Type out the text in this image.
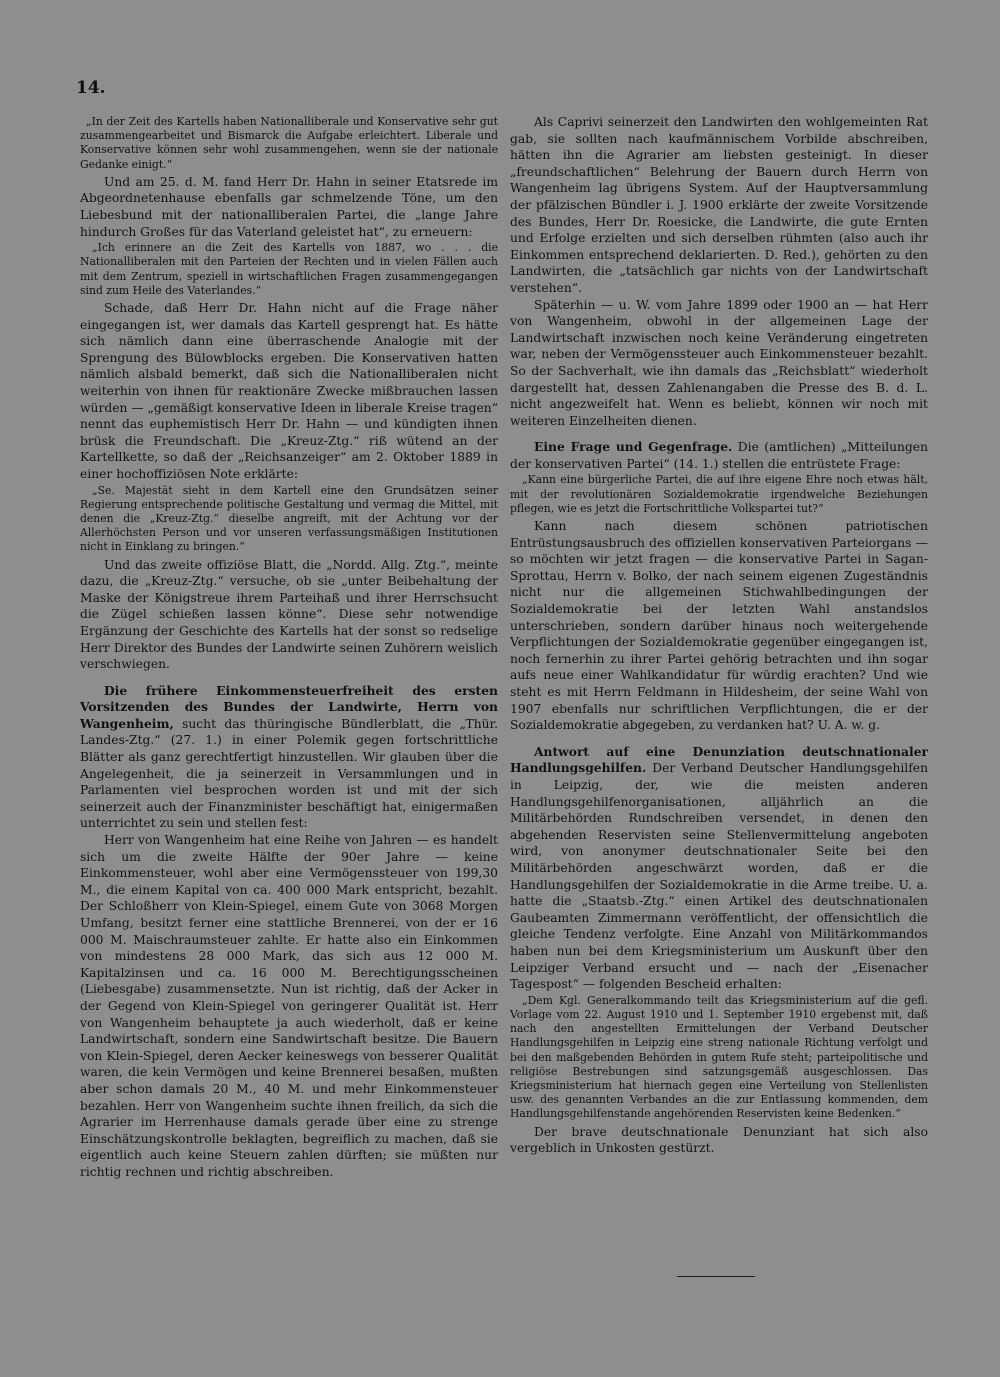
14.

„In der Zeit des Kartells haben Nationalliberale und Konservative sehr gut zusammengearbeitet und Bismarck die Aufgabe erleichtert. Liberale und Konservative können sehr wohl zusammengehen, wenn sie der nationale Gedanke einigt.“

Und am 25. d. M. fand Herr Dr. Hahn in seiner Etatsrede im Abgeordnetenhause ebenfalls gar schmelzende Töne, um den Liebesbund mit der nationalliberalen Partei, die „lange Jahre hindurch Großes für das Vaterland geleistet hat“, zu erneuern:

„Ich erinnere an die Zeit des Kartells von 1887, wo . . . die Nationalliberalen mit den Parteien der Rechten und in vielen Fällen auch mit dem Zentrum, speziell in wirtschaftlichen Fragen zusammengegangen sind zum Heile des Vaterlandes.“

Schade, daß Herr Dr. Hahn nicht auf die Frage näher eingegangen ist, wer damals das Kartell gesprengt hat. Es hätte sich nämlich dann eine überraschende Analogie mit der Sprengung des Bülowblocks ergeben. Die Konservativen hatten nämlich alsbald bemerkt, daß sich die Nationalliberalen nicht weiterhin von ihnen für reaktionäre Zwecke mißbrauchen lassen würden — „gemäßigt konservative Ideen in liberale Kreise tragen“ nennt das euphemistisch Herr Dr. Hahn — und kündigten ihnen brüsk die Freundschaft. Die „Kreuz-Ztg.“ riß wütend an der Kartellkette, so daß der „Reichsanzeiger“ am 2. Oktober 1889 in einer hochoffiziösen Note erklärte:

„Se. Majestät sieht in dem Kartell eine den Grundsätzen seiner Regierung entsprechende politische Gestaltung und vermag die Mittel, mit denen die „Kreuz-Ztg.“ dieselbe angreift, mit der Achtung vor der Allerhöchsten Person und vor unseren verfassungsmäßigen Institutionen nicht in Einklang zu bringen.“

Und das zweite offiziöse Blatt, die „Nordd. Allg. Ztg.“, meinte dazu, die „Kreuz-Ztg.“ versuche, ob sie „unter Beibehaltung der Maske der Königstreue ihrem Parteihaß und ihrer Herrschsucht die Zügel schießen lassen könne“. Diese sehr notwendige Ergänzung der Geschichte des Kartells hat der sonst so redselige Herr Direktor des Bundes der Landwirte seinen Zuhörern weislich verschwiegen.

Die frühere Einkommensteuerfreiheit des ersten Vorsitzenden des Bundes der Landwirte, Herrn von Wangenheim, sucht das thüringische Bündlerblatt, die „Thür. Landes-Ztg.“ (27. 1.) in einer Polemik gegen fortschrittliche Blätter als ganz gerechtfertigt hinzustellen. Wir glauben über die Angelegenheit, die ja seinerzeit in Versammlungen und in Parlamenten viel besprochen worden ist und mit der sich seinerzeit auch der Finanzminister beschäftigt hat, einigermaßen unterrichtet zu sein und stellen fest:

Herr von Wangenheim hat eine Reihe von Jahren — es handelt sich um die zweite Hälfte der 90er Jahre — keine Einkommensteuer, wohl aber eine Vermögenssteuer von 199,30 M., die einem Kapital von ca. 400 000 Mark entspricht, bezahlt. Der Schloßherr von Klein-Spiegel, einem Gute von 3068 Morgen Umfang, besitzt ferner eine stattliche Brennerei, von der er 16 000 M. Maischraumsteuer zahlte. Er hatte also ein Einkommen von mindestens 28 000 Mark, das sich aus 12 000 M. Kapitalzinsen und ca. 16 000 M. Berechtigungsscheinen (Liebesgabe) zusammensetzte. Nun ist richtig, daß der Acker in der Gegend von Klein-Spiegel von geringerer Qualität ist. Herr von Wangenheim behauptete ja auch wiederholt, daß er keine Landwirtschaft, sondern eine Sandwirtschaft besitze. Die Bauern von Klein-Spiegel, deren Aecker keineswegs von besserer Qualität waren, die kein Vermögen und keine Brennerei besaßen, mußten aber schon damals 20 M., 40 M. und mehr Einkommensteuer bezahlen. Herr von Wangenheim suchte ihnen freilich, da sich die Agrarier im Herrenhause damals gerade über eine zu strenge Einschätzungskontrolle beklagten, begreiflich zu machen, daß sie eigentlich auch keine Steuern zahlen dürften; sie müßten nur richtig rechnen und richtig abschreiben.

Als Caprivi seinerzeit den Landwirten den wohlgemeinten Rat gab, sie sollten nach kaufmännischem Vorbilde abschreiben, hätten ihn die Agrarier am liebsten gesteinigt. In dieser „freundschaftlichen“ Belehrung der Bauern durch Herrn von Wangenheim lag übrigens System. Auf der Hauptversammlung der pfälzischen Bündler i. J. 1900 erklärte der zweite Vorsitzende des Bundes, Herr Dr. Roesicke, die Landwirte, die gute Ernten und Erfolge erzielten und sich derselben rühmten (also auch ihr Einkommen entsprechend deklarierten. D. Red.), gehörten zu den Landwirten, die „tatsächlich gar nichts von der Landwirtschaft verstehen“.

Späterhin — u. W. vom Jahre 1899 oder 1900 an — hat Herr von Wangenheim, obwohl in der allgemeinen Lage der Landwirtschaft inzwischen noch keine Veränderung eingetreten war, neben der Vermögenssteuer auch Einkommensteuer bezahlt. So der Sachverhalt, wie ihn damals das „Reichsblatt“ wiederholt dargestellt hat, dessen Zahlenangaben die Presse des B. d. L. nicht angezweifelt hat. Wenn es beliebt, können wir noch mit weiteren Einzelheiten dienen.

Eine Frage und Gegenfrage. Die (amtlichen) „Mitteilungen der konservativen Partei“ (14. 1.) stellen die entrüstete Frage:

„Kann eine bürgerliche Partei, die auf ihre eigene Ehre noch etwas hält, mit der revolutionären Sozialdemokratie irgendwelche Beziehungen pflegen, wie es jetzt die Fortschrittliche Volkspartei tut?“

Kann nach diesem schönen patriotischen Entrüstungsausbruch des offiziellen konservativen Parteiorgans — so möchten wir jetzt fragen — die konservative Partei in Sagan-Sprottau, Herrn v. Bolko, der nach seinem eigenen Zugeständnis nicht nur die allgemeinen Stichwahlbedingungen der Sozialdemokratie bei der letzten Wahl anstandslos unterschrieben, sondern darüber hinaus noch weitergehende Verpflichtungen der Sozialdemokratie gegenüber eingegangen ist, noch fernerhin zu ihrer Partei gehörig betrachten und ihn sogar aufs neue einer Wahlkandidatur für würdig erachten? Und wie steht es mit Herrn Feldmann in Hildesheim, der seine Wahl von 1907 ebenfalls nur schriftlichen Verpflichtungen, die er der Sozialdemokratie abgegeben, zu verdanken hat? U. A. w. g.

Antwort auf eine Denunziation deutschnationaler Handlungsgehilfen. Der Verband Deutscher Handlungsgehilfen in Leipzig, der, wie die meisten anderen Handlungsgehilfenorganisationen, alljährlich an die Militärbehörden Rundschreiben versendet, in denen den abgehenden Reservisten seine Stellenvermittelung angeboten wird, von anonymer deutschnationaler Seite bei den Militärbehörden angeschwärzt worden, daß er die Handlungsgehilfen der Sozialdemokratie in die Arme treibe. U. a. hatte die „Staatsb.-Ztg.“ einen Artikel des deutschnationalen Gaubeamten Zimmermann veröffentlicht, der offensichtlich die gleiche Tendenz verfolgte. Eine Anzahl von Militärkommandos haben nun bei dem Kriegsministerium um Auskunft über den Leipziger Verband ersucht und — nach der „Eisenacher Tagespost“ — folgenden Bescheid erhalten:

„Dem Kgl. Generalkommando teilt das Kriegsministerium auf die gefl. Vorlage vom 22. August 1910 und 1. September 1910 ergebenst mit, daß nach den angestellten Ermittelungen der Verband Deutscher Handlungsgehilfen in Leipzig eine streng nationale Richtung verfolgt und bei den maßgebenden Behörden in gutem Rufe steht; parteipolitische und religiöse Bestrebungen sind satzungsgemäß ausgeschlossen. Das Kriegsministerium hat hiernach gegen eine Verteilung von Stellenlisten usw. des genannten Verbandes an die zur Entlassung kommenden, dem Handlungsgehilfenstande angehörenden Reservisten keine Bedenken.“

Der brave deutschnationale Denunziant hat sich also vergeblich in Unkosten gestürzt.
